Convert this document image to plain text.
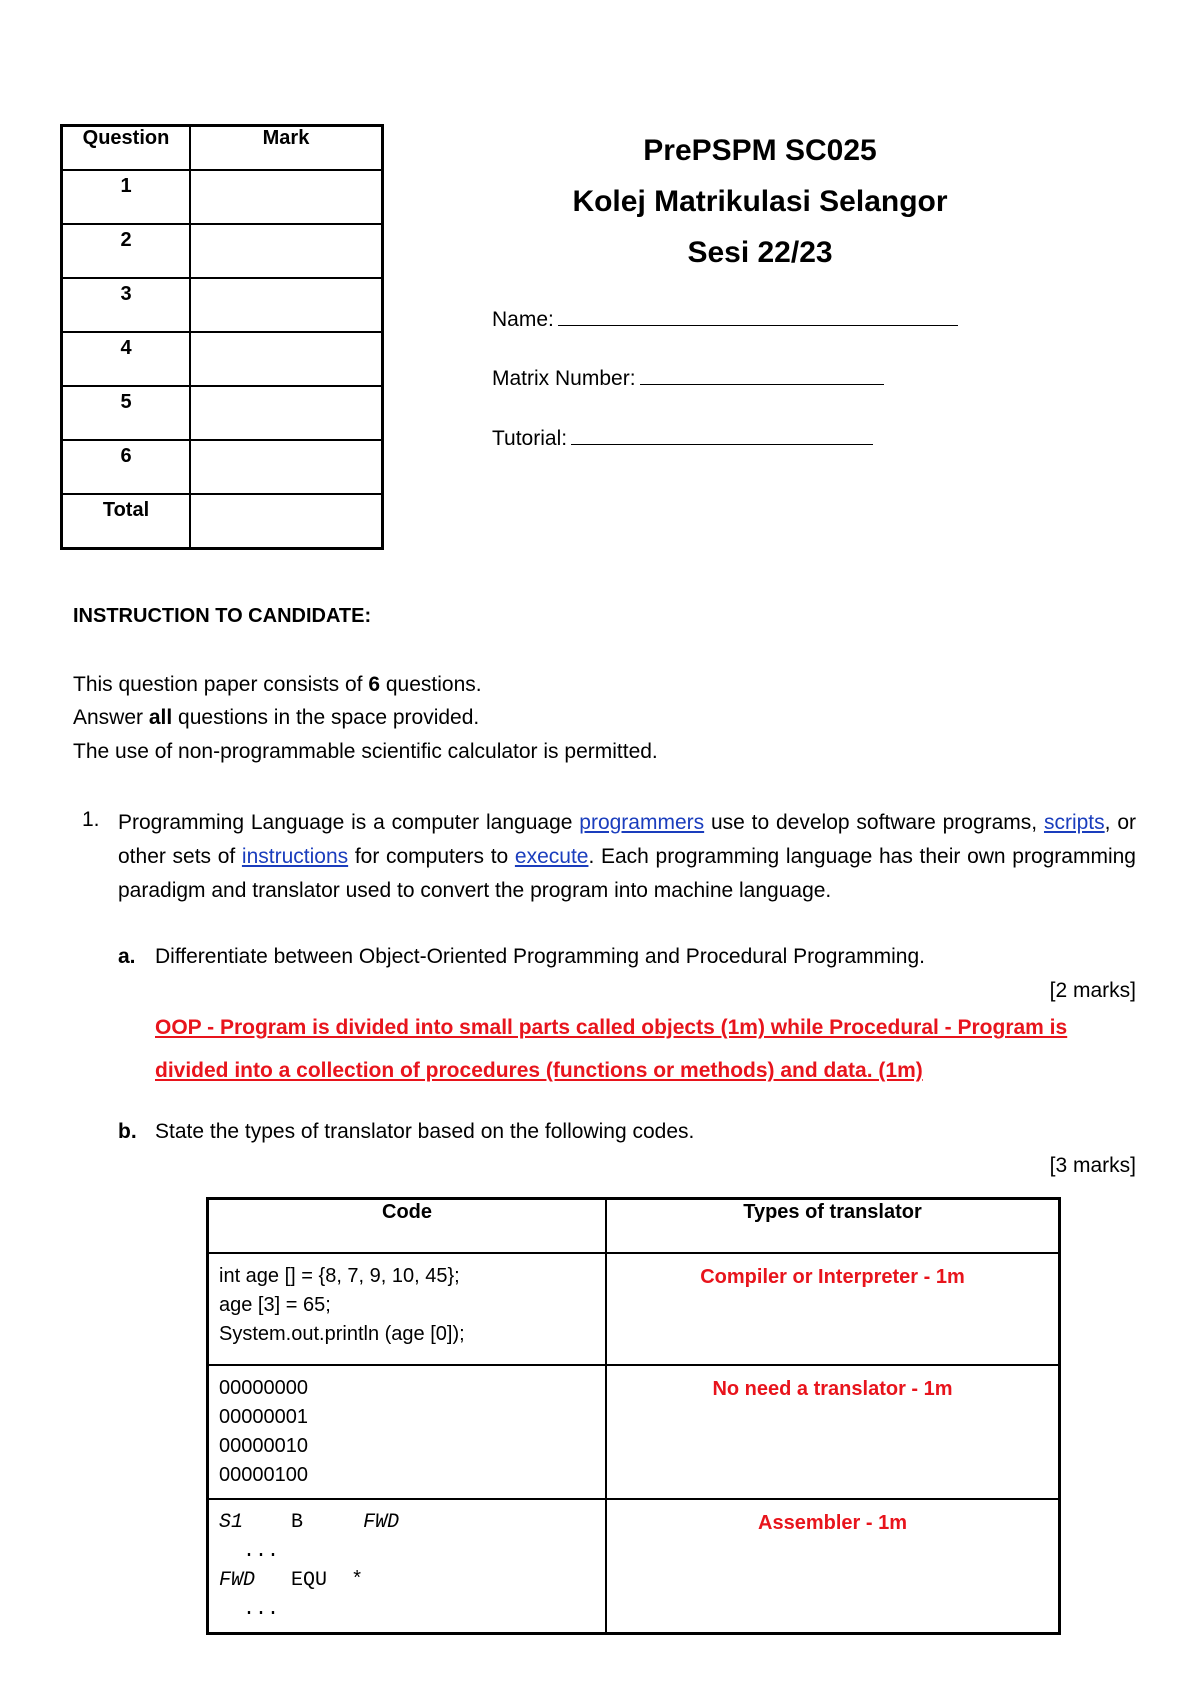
Question	Mark
1	
2	
3	
4	
5	
6	
Total	
PrePSPM SC025
Kolej Matrikulasi Selangor
Sesi 22/23
Name:
Matrix Number:
Tutorial:
INSTRUCTION TO CANDIDATE:
This question paper consists of 6 questions.
Answer all questions in the space provided.
The use of non-programmable scientific calculator is permitted.
1. Programming Language is a computer language programmers use to develop software programs, scripts, or other sets of instructions for computers to execute. Each programming language has their own programming paradigm and translator used to convert the program into machine language.
a. Differentiate between Object-Oriented Programming and Procedural Programming.
[2 marks]
OOP - Program is divided into small parts called objects (1m) while Procedural - Program is
divided into a collection of procedures (functions or methods) and data. (1m)
b. State the types of translator based on the following codes.
[3 marks]
Code	Types of translator

int age [] = {8, 7, 9, 10, 45};
age [3] = 65;
System.out.println (age [0]);	Compiler or Interpreter - 1m

00000000
00000001
00000010
00000100	No need a translator - 1m

S1 B FWD
...
FWD EQU *
...	Assembler - 1m
